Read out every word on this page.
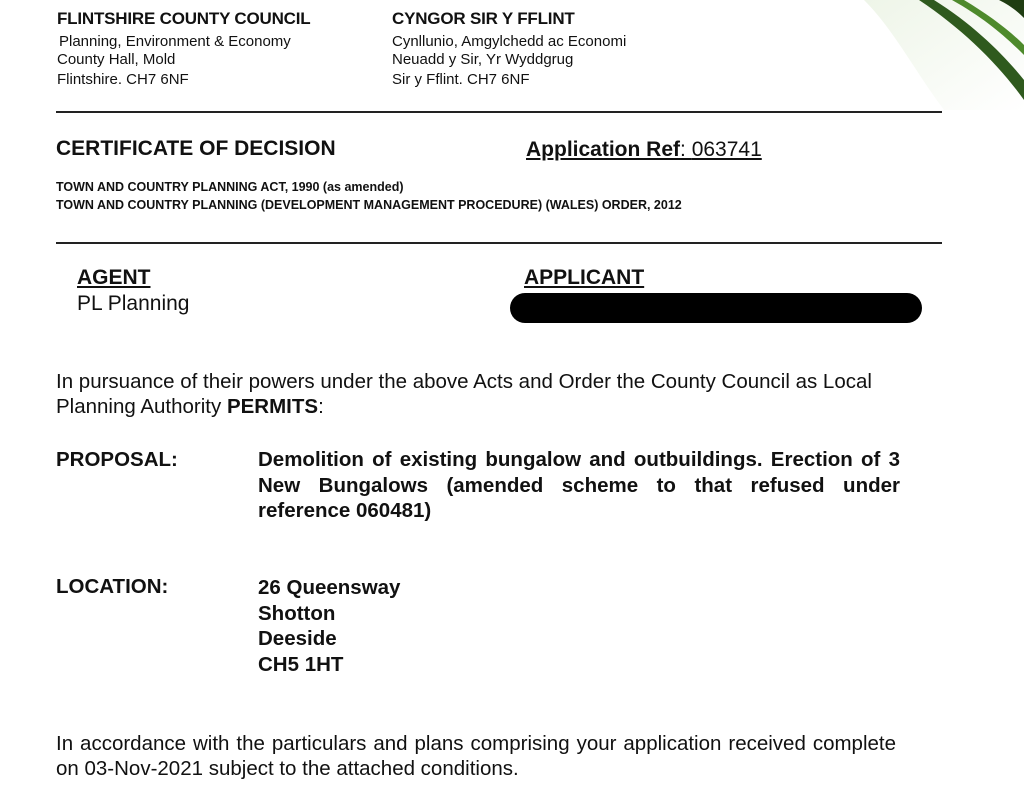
FLINTSHIRE COUNTY COUNCIL
Planning, Environment & Economy
County Hall, Mold
Flintshire. CH7 6NF
CYNGOR SIR Y FFLINT
Cynllunio, Amgylchedd ac Economi
Neuadd y Sir, Yr Wyddgrug
Sir y Fflint. CH7 6NF
CERTIFICATE OF DECISION	Application Ref: 063741
TOWN AND COUNTRY PLANNING ACT, 1990 (as amended)
TOWN AND COUNTRY PLANNING (DEVELOPMENT MANAGEMENT PROCEDURE) (WALES) ORDER, 2012
AGENT
PL Planning
APPLICANT
In pursuance of their powers under the above Acts and Order the County Council as Local Planning Authority PERMITS:
PROPOSAL:	Demolition of existing bungalow and outbuildings. Erection of 3 New Bungalows (amended scheme to that refused under reference 060481)
LOCATION:	26 Queensway
Shotton
Deeside
CH5 1HT
In accordance with the particulars and plans comprising your application received complete on 03-Nov-2021 subject to the attached conditions.
